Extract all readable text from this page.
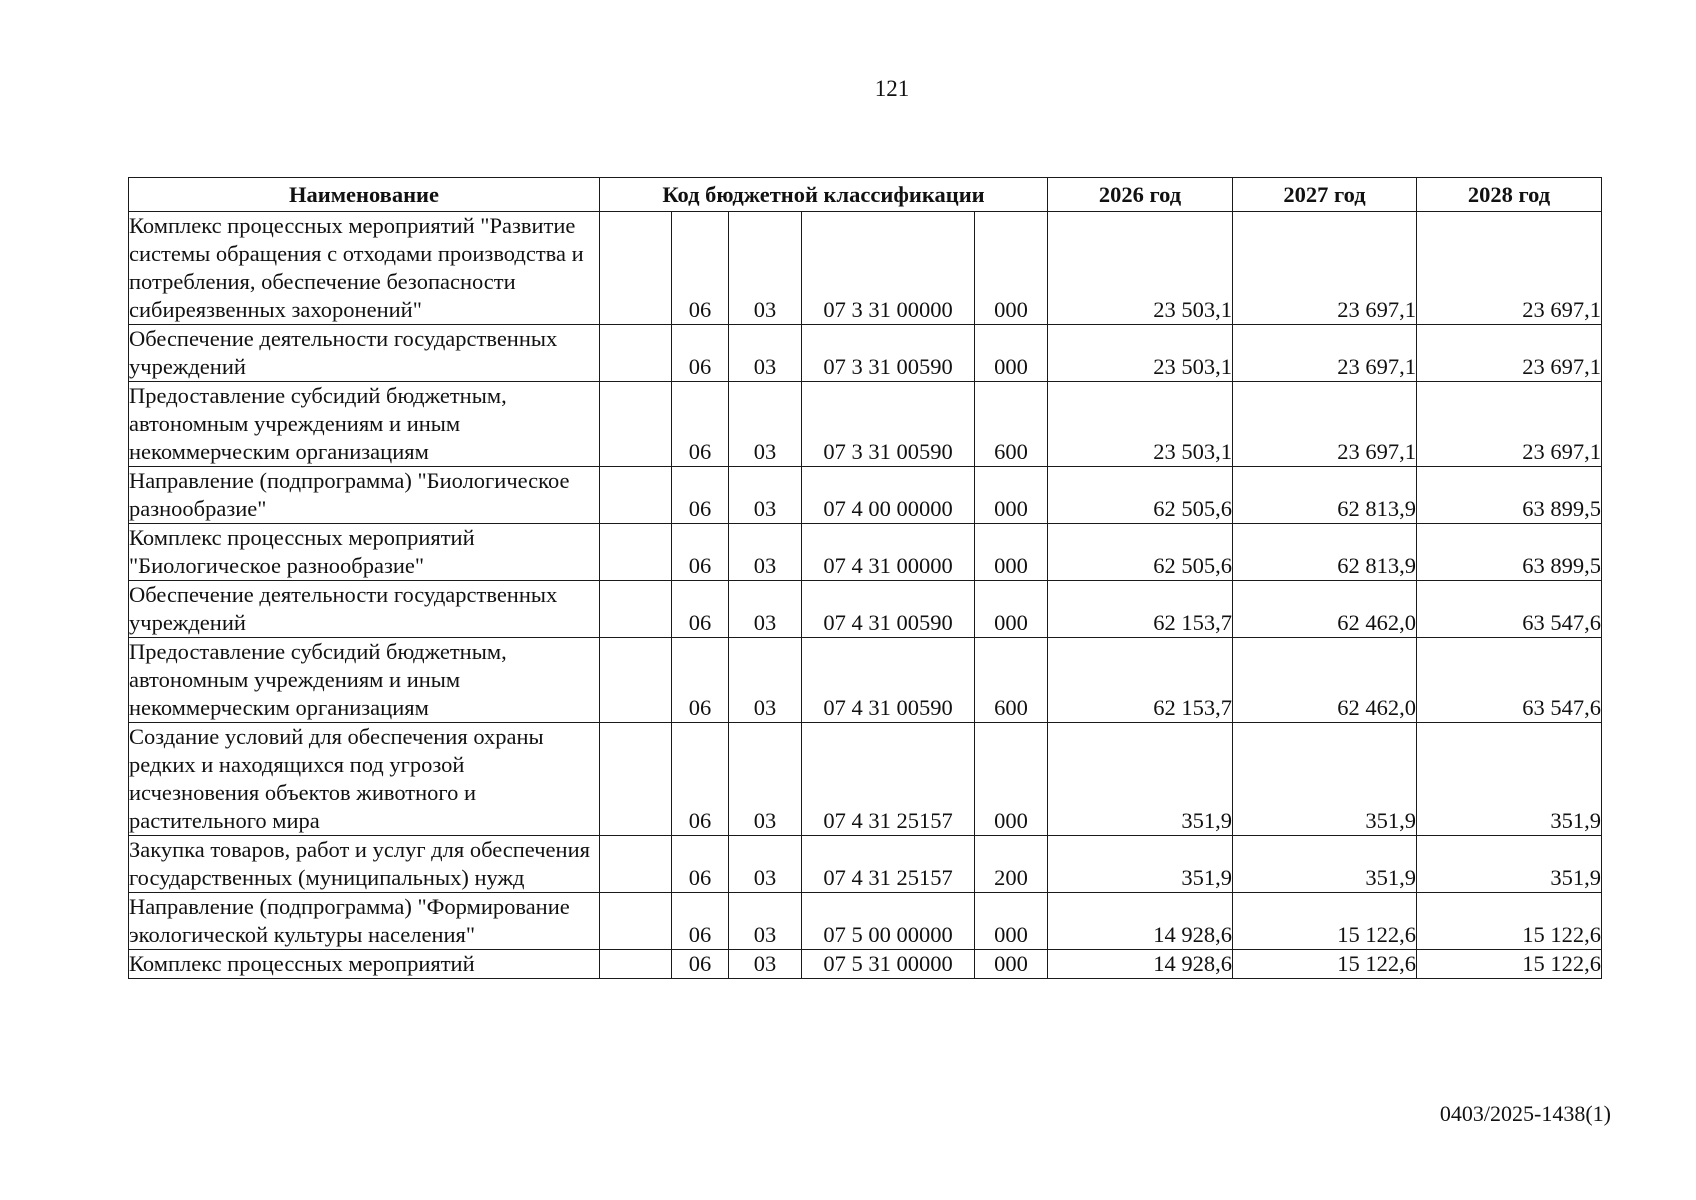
121
Наименование	Код бюджетной классификации					2026 год	2027 год	2028 год
Комплекс процессных мероприятий "Развитие системы обращения с отходами производства и потребления, обеспечение безопасности сибиреязвенных захоронений"		06	03	07 3 31 00000	000	23 503,1	23 697,1	23 697,1
Обеспечение деятельности государственных учреждений		06	03	07 3 31 00590	000	23 503,1	23 697,1	23 697,1
Предоставление субсидий бюджетным, автономным учреждениям и иным некоммерческим организациям		06	03	07 3 31 00590	600	23 503,1	23 697,1	23 697,1
Направление (подпрограмма) "Биологическое разнообразие"		06	03	07 4 00 00000	000	62 505,6	62 813,9	63 899,5
Комплекс процессных мероприятий "Биологическое разнообразие"		06	03	07 4 31 00000	000	62 505,6	62 813,9	63 899,5
Обеспечение деятельности государственных учреждений		06	03	07 4 31 00590	000	62 153,7	62 462,0	63 547,6
Предоставление субсидий бюджетным, автономным учреждениям и иным некоммерческим организациям		06	03	07 4 31 00590	600	62 153,7	62 462,0	63 547,6
Создание условий для обеспечения охраны редких и находящихся под угрозой исчезновения объектов животного и растительного мира		06	03	07 4 31 25157	000	351,9	351,9	351,9
Закупка товаров, работ и услуг для обеспечения государственных (муниципальных) нужд		06	03	07 4 31 25157	200	351,9	351,9	351,9
Направление (подпрограмма) "Формирование экологической культуры населения"		06	03	07 5 00 00000	000	14 928,6	15 122,6	15 122,6
Комплекс процессных мероприятий		06	03	07 5 31 00000	000	14 928,6	15 122,6	15 122,6
0403/2025-1438(1)
